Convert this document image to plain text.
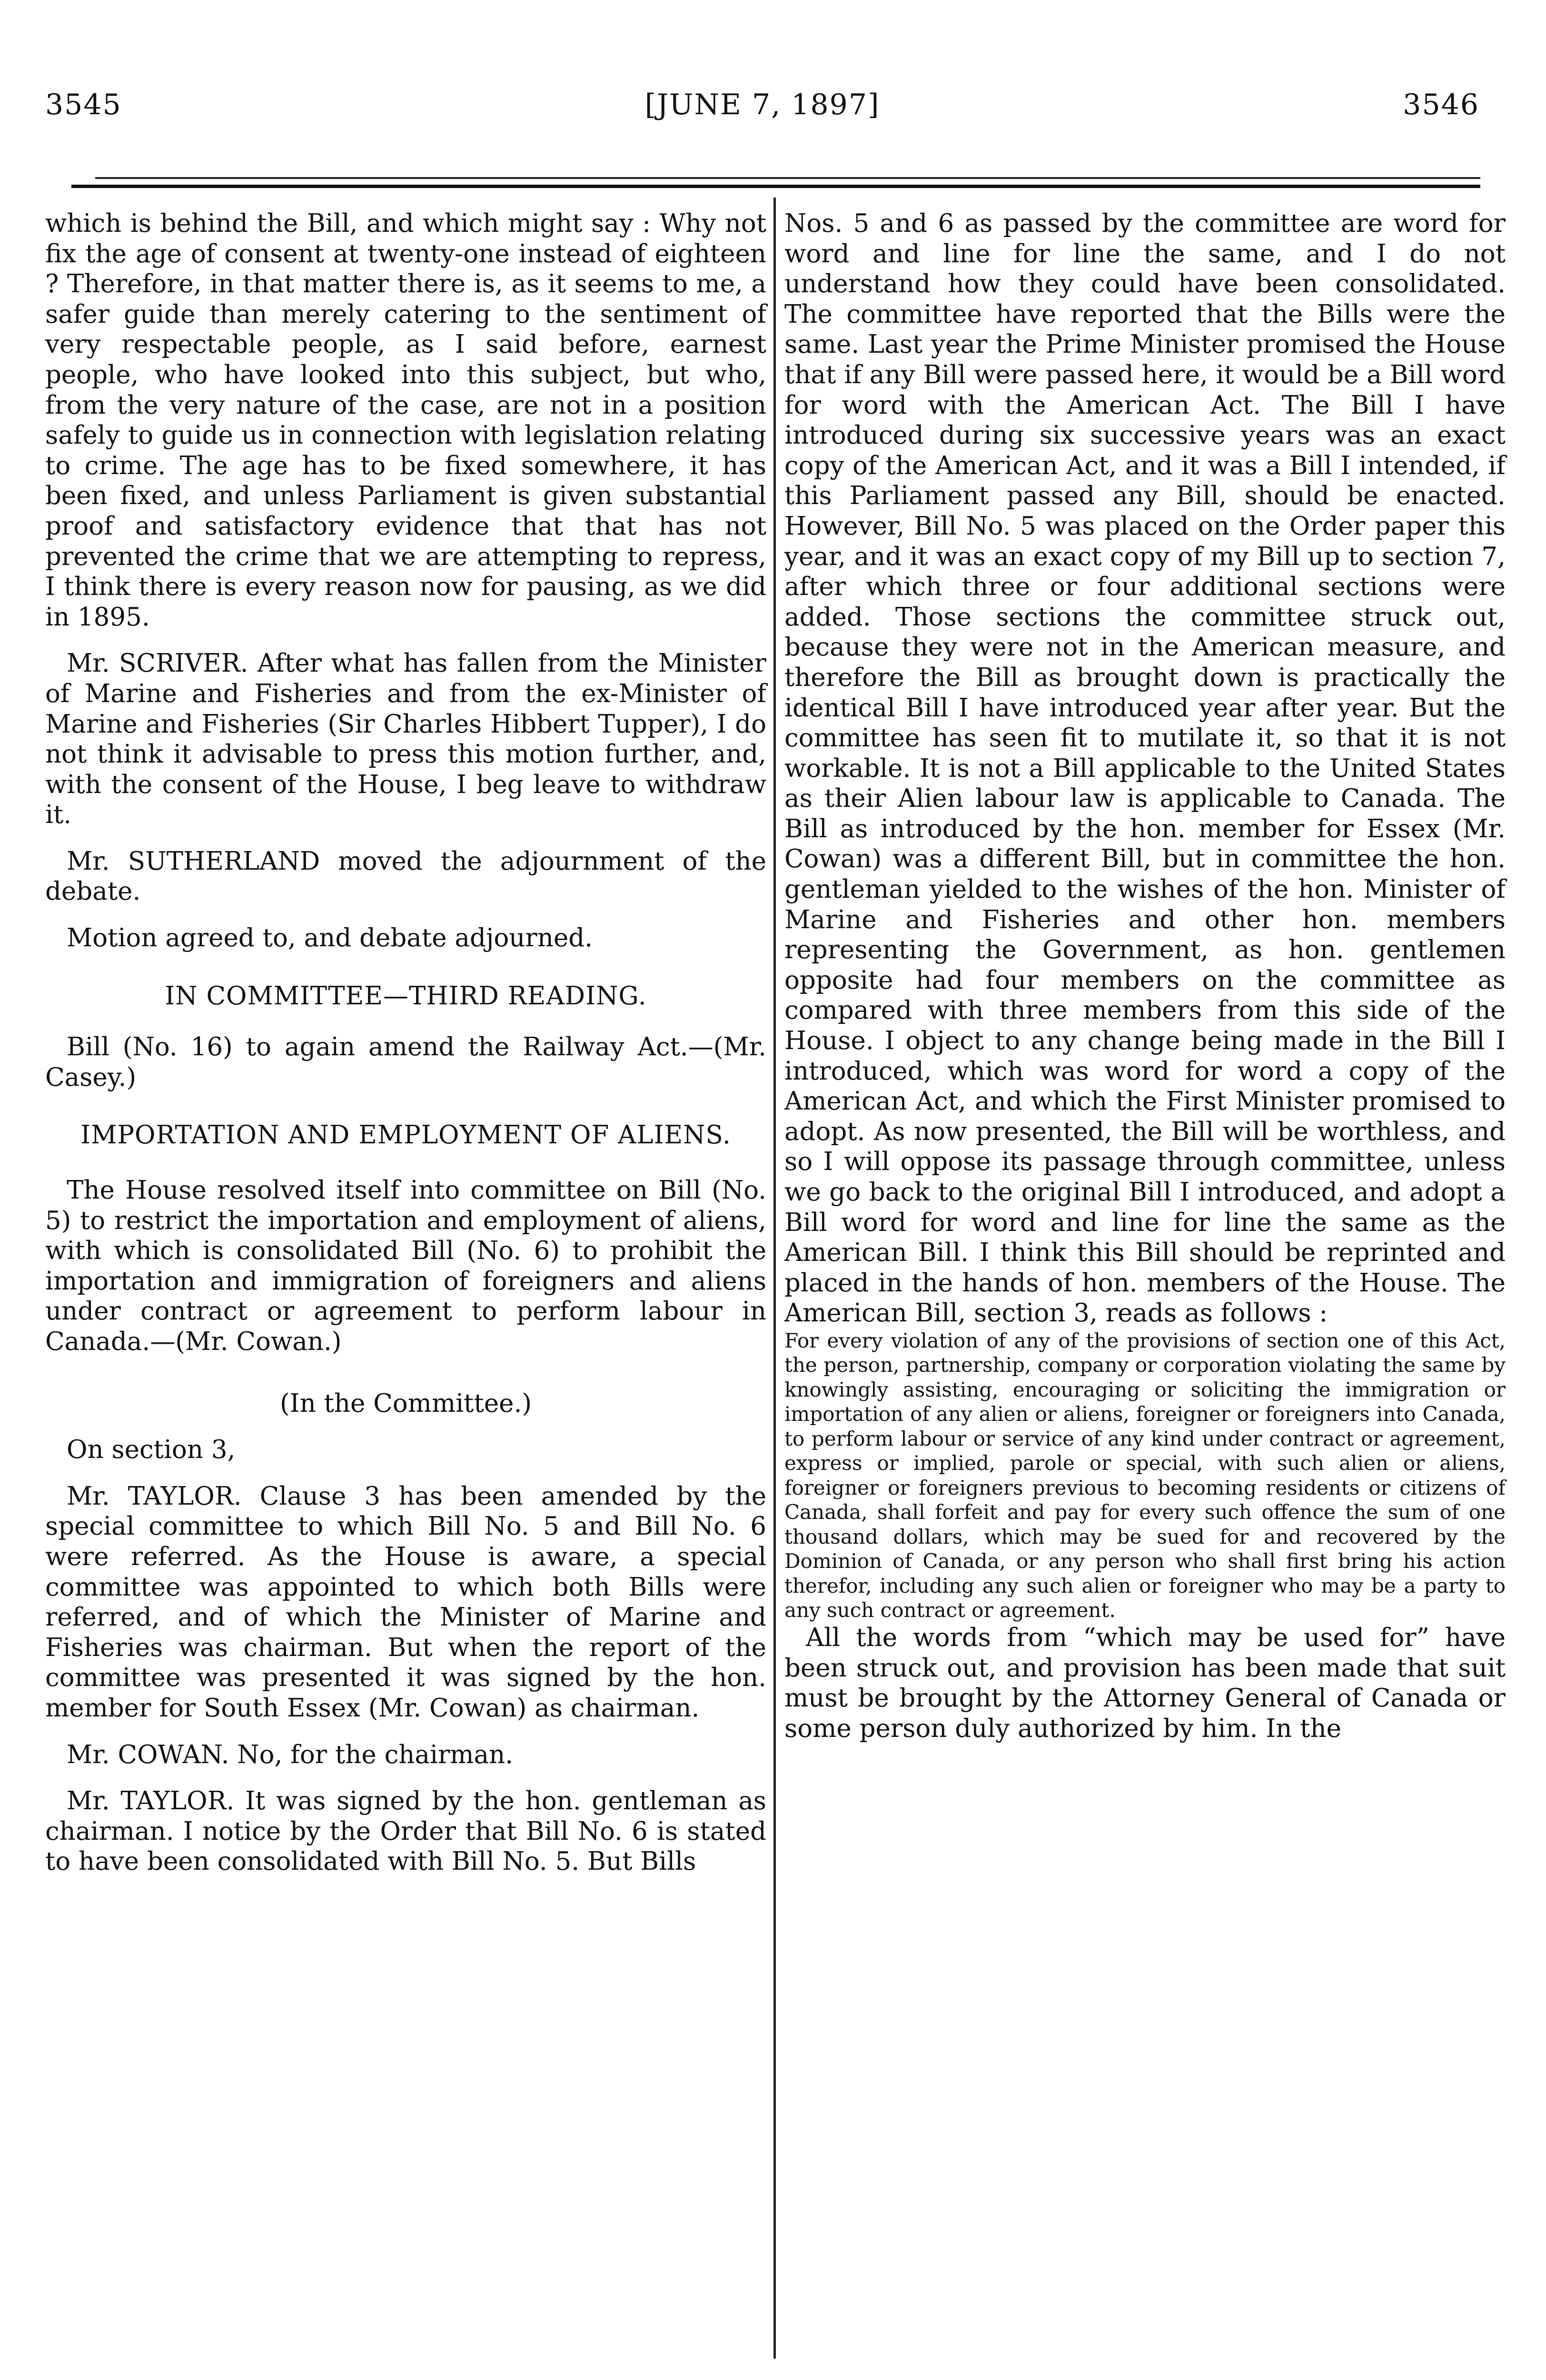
3545	[JUNE 7, 1897]	3546

which is behind the Bill, and which might say : Why not fix the age of consent at twenty-one instead of eighteen ? Therefore, in that matter there is, as it seems to me, a safer guide than merely catering to the sentiment of very respectable people, as I said before, earnest people, who have looked into this subject, but who, from the very nature of the case, are not in a position safely to guide us in connection with legislation relating to crime. The age has to be fixed somewhere, it has been fixed, and unless Parliament is given substantial proof and satisfactory evidence that that has not prevented the crime that we are attempting to repress, I think there is every reason now for pausing, as we did in 1895.

Mr. SCRIVER. After what has fallen from the Minister of Marine and Fisheries and from the ex-Minister of Marine and Fisheries (Sir Charles Hibbert Tupper), I do not think it advisable to press this motion further, and, with the consent of the House, I beg leave to withdraw it.

Mr. SUTHERLAND moved the adjournment of the debate.

Motion agreed to, and debate adjourned.

IN COMMITTEE—THIRD READING.

Bill (No. 16) to again amend the Railway Act.—(Mr. Casey.)

IMPORTATION AND EMPLOYMENT OF ALIENS.

The House resolved itself into committee on Bill (No. 5) to restrict the importation and employment of aliens, with which is consolidated Bill (No. 6) to prohibit the importation and immigration of foreigners and aliens under contract or agreement to perform labour in Canada.—(Mr. Cowan.)

(In the Committee.)

On section 3,

Mr. TAYLOR. Clause 3 has been amended by the special committee to which Bill No. 5 and Bill No. 6 were referred. As the House is aware, a special committee was appointed to which both Bills were referred, and of which the Minister of Marine and Fisheries was chairman. But when the report of the committee was presented it was signed by the hon. member for South Essex (Mr. Cowan) as chairman.

Mr. COWAN. No, for the chairman.

Mr. TAYLOR. It was signed by the hon. gentleman as chairman. I notice by the Order that Bill No. 6 is stated to have been consolidated with Bill No. 5. But Bills

Nos. 5 and 6 as passed by the committee are word for word and line for line the same, and I do not understand how they could have been consolidated. The committee have reported that the Bills were the same. Last year the Prime Minister promised the House that if any Bill were passed here, it would be a Bill word for word with the American Act. The Bill I have introduced during six successive years was an exact copy of the American Act, and it was a Bill I intended, if this Parliament passed any Bill, should be enacted. However, Bill No. 5 was placed on the Order paper this year, and it was an exact copy of my Bill up to section 7, after which three or four additional sections were added. Those sections the committee struck out, because they were not in the American measure, and therefore the Bill as brought down is practically the identical Bill I have introduced year after year. But the committee has seen fit to mutilate it, so that it is not workable. It is not a Bill applicable to the United States as their Alien labour law is applicable to Canada. The Bill as introduced by the hon. member for Essex (Mr. Cowan) was a different Bill, but in committee the hon. gentleman yielded to the wishes of the hon. Minister of Marine and Fisheries and other hon. members representing the Government, as hon. gentlemen opposite had four members on the committee as compared with three members from this side of the House. I object to any change being made in the Bill I introduced, which was word for word a copy of the American Act, and which the First Minister promised to adopt. As now presented, the Bill will be worthless, and so I will oppose its passage through committee, unless we go back to the original Bill I introduced, and adopt a Bill word for word and line for line the same as the American Bill. I think this Bill should be reprinted and placed in the hands of hon. members of the House. The American Bill, section 3, reads as follows :

For every violation of any of the provisions of section one of this Act, the person, partnership, company or corporation violating the same by knowingly assisting, encouraging or soliciting the immigration or importation of any alien or aliens, foreigner or foreigners into Canada, to perform labour or service of any kind under contract or agreement, express or implied, parole or special, with such alien or aliens, foreigner or foreigners previous to becoming residents or citizens of Canada, shall forfeit and pay for every such offence the sum of one thousand dollars, which may be sued for and recovered by the Dominion of Canada, or any person who shall first bring his action therefor, including any such alien or foreigner who may be a party to any such contract or agreement.

All the words from “which may be used for” have been struck out, and provision has been made that suit must be brought by the Attorney General of Canada or some person duly authorized by him. In the
